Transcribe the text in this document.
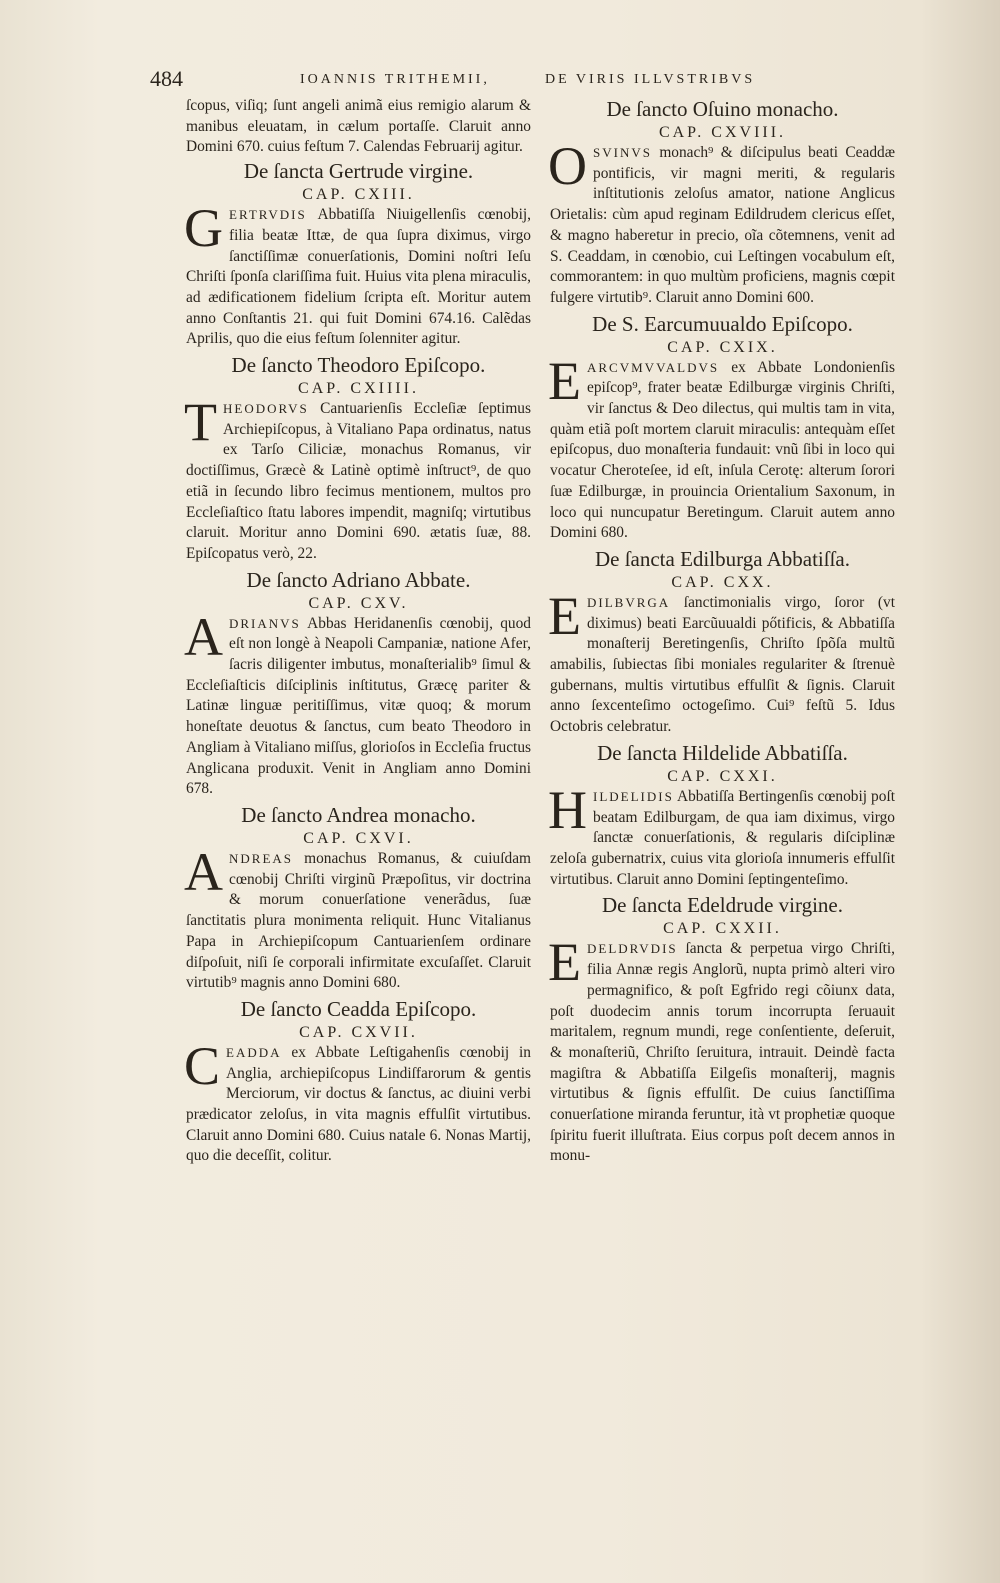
484	IOANNIS TRITHEMII,	DE VIRIS ILLVSTRIBVS

ſcopus, viſiq; ſunt angeli animã eius remigio alarum & manibus eleuatam, in cælum portaſſe. Claruit anno Domini 670. cuius feſtum 7. Calendas Februarij agitur.

De ſancta Gertrude virgine.

CAP. CXIII.

GERTRVDIS Abbatiſſa Niuigellenſis cœnobij, filia beatæ Ittæ, de qua ſupra diximus, virgo ſanctiſſimæ conuerſationis, Domini noſtri Ieſu Chriſti ſponſa clariſſima fuit. Huius vita plena miraculis, ad ædificationem fidelium ſcripta eſt. Moritur autem anno Conſtantis 21. qui fuit Domini 674.16. Calẽdas Aprilis, quo die eius feſtum ſolenniter agitur.

De ſancto Theodoro Epiſcopo.

CAP. CXIIII.

THEODORVS Cantuarienſis Eccleſiæ ſeptimus Archiepiſcopus, à Vitaliano Papa ordinatus, natus ex Tarſo Ciliciæ, monachus Romanus, vir doctiſſimus, Græcè & Latinè optimè inſtruct⁹, de quo etiã in ſecundo libro fecimus mentionem, multos pro Eccleſiaſtico ſtatu labores impendit, magniſq; virtutibus claruit. Moritur anno Domini 690. ætatis ſuæ, 88. Epiſcopatus verò, 22.

De ſancto Adriano Abbate.

CAP. CXV.

ADRIANVS Abbas Heridanenſis cœnobij, quod eſt non longè à Neapoli Campaniæ, natione Afer, ſacris diligenter imbutus, monaſterialib⁹ ſimul & Eccleſiaſticis diſciplinis inſtitutus, Græcę pariter & Latinæ linguæ peritiſſimus, vitæ quoq; & morum honeſtate deuotus & ſanctus, cum beato Theodoro in Angliam à Vitaliano miſſus, glorioſos in Eccleſia fructus Anglicana produxit. Venit in Angliam anno Domini 678.

De ſancto Andrea monacho.

CAP. CXVI.

ANDREAS monachus Romanus, & cuiuſdam cœnobij Chriſti virginũ Præpoſitus, vir doctrina & morum conuerſatione venerãdus, ſuæ ſanctitatis plura monimenta reliquit. Hunc Vitalianus Papa in Archiepiſcopum Cantuarienſem ordinare diſpoſuit, niſi ſe corporali infirmitate excuſaſſet. Claruit virtutib⁹ magnis anno Domini 680.

De ſancto Ceadda Epiſcopo.

CAP. CXVII.

CEADDA ex Abbate Leſtigahenſis cœnobij in Anglia, archiepiſcopus Lindiſfarorum & gentis Merciorum, vir doctus & ſanctus, ac diuini verbi prædicator zeloſus, in vita magnis effulſit virtutibus. Claruit anno Domini 680. Cuius natale 6. Nonas Martij, quo die deceſſit, colitur.

De ſancto Oſuino monacho.

CAP. CXVIII.

OSVINVS monach⁹ & diſcipulus beati Ceaddæ pontificis, vir magni meriti, & regularis inſtitutionis zeloſus amator, natione Anglicus Orietalis: cùm apud reginam Edildrudem clericus eſſet, & magno haberetur in precio, oĩa cõtemnens, venit ad S. Ceaddam, in cœnobio, cui Leſtingen vocabulum eſt, commorantem: in quo multùm proficiens, magnis cœpit fulgere virtutib⁹. Claruit anno Domini 600.

De S. Earcumuualdo Epiſcopo.

CAP. CXIX.

EARCVMVVALDVS ex Abbate Londonienſis epiſcop⁹, frater beatæ Edilburgæ virginis Chriſti, vir ſanctus & Deo dilectus, qui multis tam in vita, quàm etiã poſt mortem claruit miraculis: antequàm eſſet epiſcopus, duo monaſteria fundauit: vnũ ſibi in loco qui vocatur Cheroteſee, id eſt, inſula Cerotę: alterum ſorori ſuæ Edilburgæ, in prouincia Orientalium Saxonum, in loco qui nuncupatur Beretingum. Claruit autem anno Domini 680.

De ſancta Edilburga Abbatiſſa.

CAP. CXX.

EDILBVRGA ſanctimonialis virgo, ſoror (vt diximus) beati Earcũuualdi pőtificis, & Abbatiſſa monaſterij Beretingenſis, Chriſto ſpõſa multũ amabilis, ſubiectas ſibi moniales regulariter & ſtrenuè gubernans, multis virtutibus effulſit & ſignis. Claruit anno ſexcenteſimo octogeſimo. Cui⁹ feſtũ 5. Idus Octobris celebratur.

De ſancta Hildelide Abbatiſſa.

CAP. CXXI.

HILDELIDIS Abbatiſſa Bertingenſis cœnobij poſt beatam Edilburgam, de qua iam diximus, virgo ſanctæ conuerſationis, & regularis diſciplinæ zeloſa gubernatrix, cuius vita glorioſa innumeris effulſit virtutibus. Claruit anno Domini ſeptingenteſimo.

De ſancta Edeldrude virgine.

CAP. CXXII.

EDELDRVDIS ſancta & perpetua virgo Chriſti, filia Annæ regis Anglorũ, nupta primò alteri viro permagnifico, & poſt Egfrido regi cõiunx data, poſt duodecim annis torum incorrupta ſeruauit maritalem, regnum mundi, rege conſentiente, deſeruit, & monaſteriũ, Chriſto ſeruitura, intrauit. Deindè facta magiſtra & Abbatiſſa Eilgeſis monaſterij, magnis virtutibus & ſignis effulſit. De cuius ſanctiſſima conuerſatione miranda feruntur, ità vt prophetiæ quoque ſpiritu fuerit illuſtrata. Eius corpus poſt decem annos in monu-
